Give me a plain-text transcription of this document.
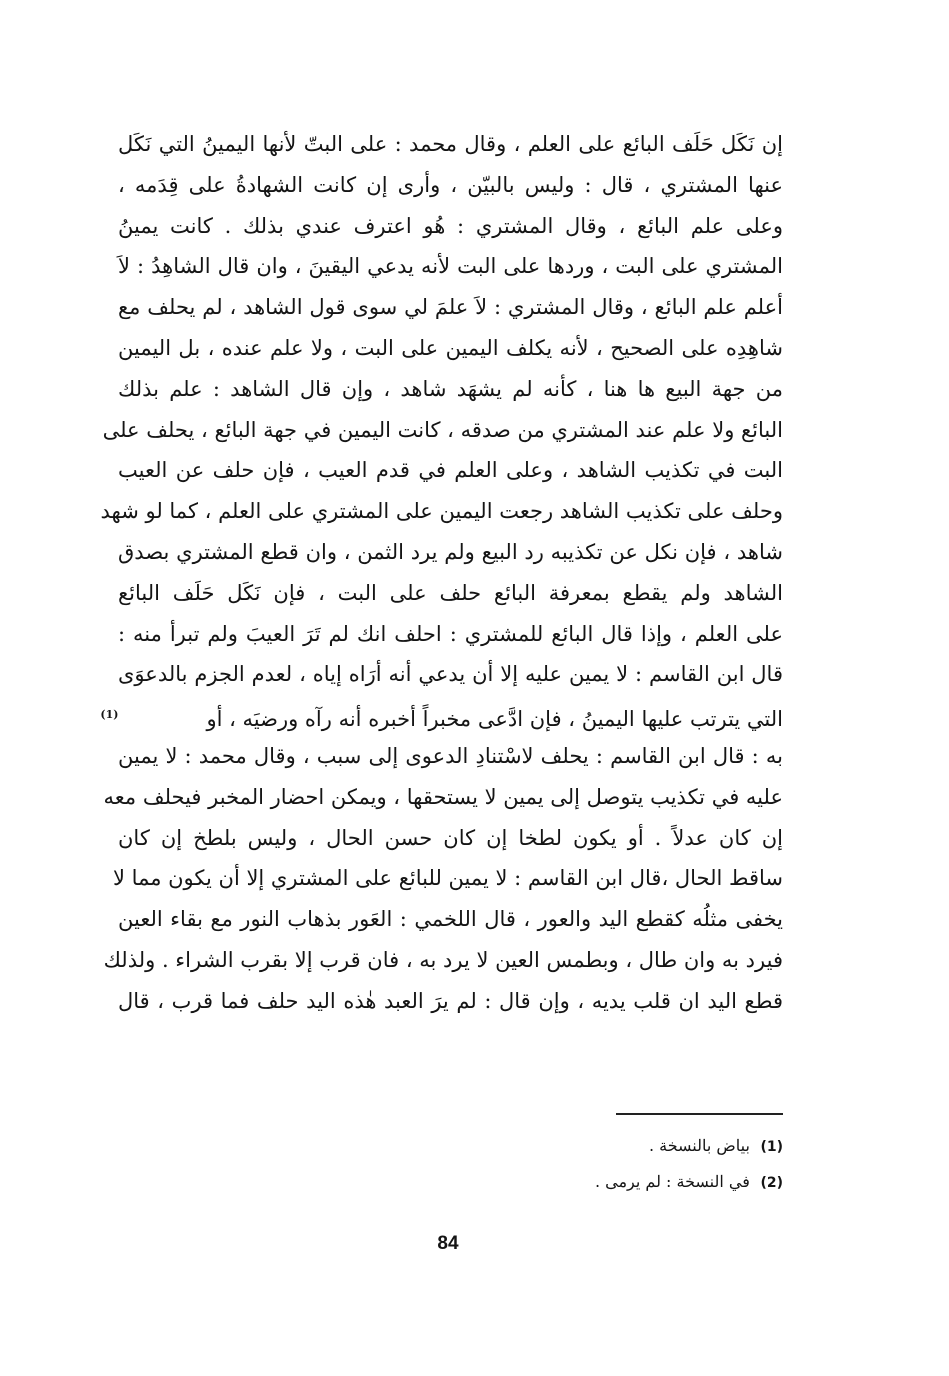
إن نَكَل حَلَف البائع على العلم ، وقال محمد : على البتّ لأنها اليمينُ التي نَكَل
عنها المشتري ، قال : وليس بالبيّن ، وأرى إن كانت الشهادةُ على قِدَمه ،
وعلى علم البائع ، وقال المشتري : هُو اعترف عندي بذلك . كانت يمينُ
المشتري على البت ، وردها على البت لأنه يدعي اليقينَ ، وان قال الشاهِدُ : لاَ
أعلم علم البائع ، وقال المشتري : لاَ علمَ لي سوى قول الشاهد ، لم يحلف مع
شاهِدِه على الصحيح ، لأنه يكلف اليمين على البت ، ولا علم عنده ، بل اليمين
من جهة البيع ها هنا ، كأنه لم يشهَد شاهد ، وإن قال الشاهد : علم بذلك
البائع ولا علم عند المشتري من صدقه ، كانت اليمين في جهة البائع ، يحلف على
البت في تكذيب الشاهد ، وعلى العلم في قدم العيب ، فإن حلف عن العيب
وحلف على تكذيب الشاهد رجعت اليمين على المشتري على العلم ، كما لو شهد
شاهد ، فإن نكل عن تكذيبه رد البيع ولم يرد الثمن ، وان قطع المشتري بصدق
الشاهد ولم يقطع بمعرفة البائع حلف على البت ، فإن نَكَل حَلَف البائع
على العلم ، وإذا قال البائع للمشتري : احلف انك لم تَرَ العيبَ ولم تبرأ منه :
قال ابن القاسم : لا يمين عليه إلا أن يدعي أنه أرَاه إياه ، لعدم الجزم بالدعوَى
التي يترتب عليها اليمينُ ، فإن ادَّعى مخبراً أخبره أنه رآه ورضيَه ، أو$^{(1)}$
به : قال ابن القاسم : يحلف لاسْتنادِ الدعوى إلى سبب ، وقال محمد : لا يمين
عليه في تكذيب يتوصل إلى يمين لا يستحقها ، ويمكن احضار المخبر فيحلف معه
إن كان عدلاً . أو يكون لطخا إن كان حسن الحال ، وليس بلطخ إن كان
ساقط الحال ،قال ابن القاسم : لا يمين للبائع على المشتري إلا أن يكون مما لا
يخفى مثلُه كقطع اليد والعور ، قال اللخمي : العَور بذهاب النور مع بقاء العين
فيرد به وان طال ، وبطمس العين لا يرد به ، فان قرب إلا بقرب الشراء . ولذلك
قطع اليد ان قلب يديه ، وإن قال : لم يرَ العبد هٰذه اليد حلف فما قرب ، قال
(1) بياض بالنسخة .
(2) في النسخة : لم يرمى .
84
